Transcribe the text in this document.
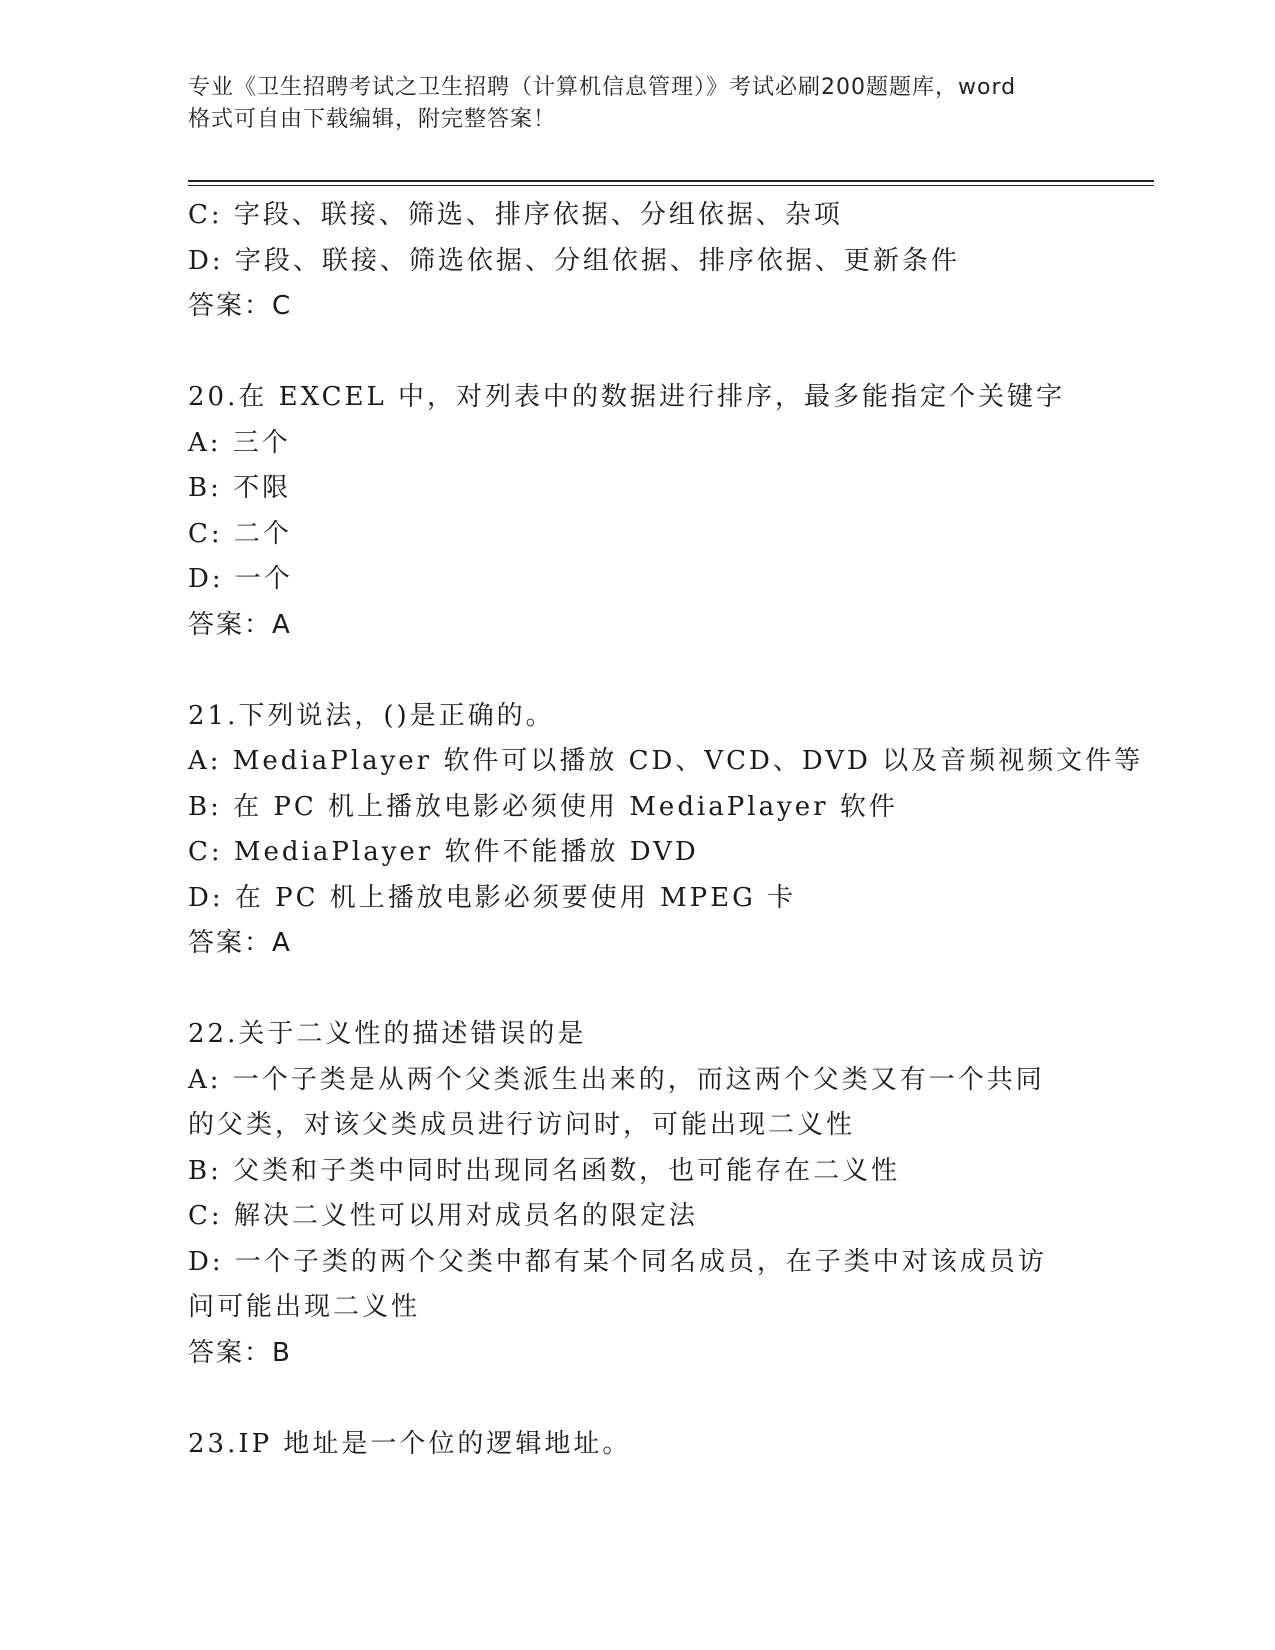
专业《卫生招聘考试之卫生招聘（计算机信息管理）》考试必刷200题题库，word
格式可自由下载编辑，附完整答案！
C: 字段、联接、筛选、排序依据、分组依据、杂项
D: 字段、联接、筛选依据、分组依据、排序依据、更新条件
答案：C
20.在 EXCEL 中，对列表中的数据进行排序，最多能指定个关键字
A: 三个
B: 不限
C: 二个
D: 一个
答案：A
21.下列说法，()是正确的。
A: MediaPlayer 软件可以播放 CD、VCD、DVD 以及音频视频文件等
B: 在 PC 机上播放电影必须使用 MediaPlayer 软件
C: MediaPlayer 软件不能播放 DVD
D: 在 PC 机上播放电影必须要使用 MPEG 卡
答案：A
22.关于二义性的描述错误的是
A: 一个子类是从两个父类派生出来的，而这两个父类又有一个共同的父类，对该父类成员进行访问时，可能出现二义性
B: 父类和子类中同时出现同名函数，也可能存在二义性
C: 解决二义性可以用对成员名的限定法
D: 一个子类的两个父类中都有某个同名成员，在子类中对该成员访问可能出现二义性
答案：B
23.IP 地址是一个位的逻辑地址。
